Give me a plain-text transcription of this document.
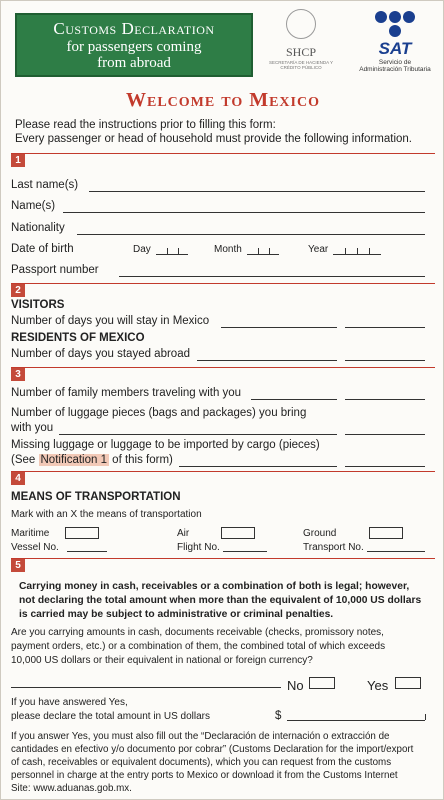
Customs Declaration
for passengers coming
from abroad
SHCP
SECRETARÍA DE HACIENDA Y CRÉDITO PÚBLICO
SAT
Servicio de
Administración Tributaria
Welcome to Mexico
Please read the instructions prior to filling this form:
Every passenger or head of household must provide the following information.
1
Last name(s)
Name(s)
Nationality
Date of birth	Day	Month	Year
Passport number
2
VISITORS
Number of days you will stay in Mexico
RESIDENTS OF MEXICO
Number of days you stayed abroad
3
Number of family members traveling with you
Number of luggage pieces (bags and packages) you bring
with you
Missing luggage or luggage to be imported by cargo (pieces)
(See Notification 1 of this form)
4
MEANS OF TRANSPORTATION
Mark with an X the means of transportation
Maritime	Air	Ground
Vessel No.	Flight No.	Transport No.
5
Carrying money in cash, receivables or a combination of both is legal; however,
not declaring the total amount when more than the equivalent of 10,000 US dollars
is carried may be subject to administrative or criminal penalties.
Are you carrying amounts in cash, documents receivable (checks, promissory notes,
payment orders, etc.) or a combination of them, the combined total of which exceeds
10,000 US dollars or their equivalent in national or foreign currency?
No	Yes
If you have answered Yes,
please declare the total amount in US dollars	$
If you answer Yes, you must also fill out the “Declaración de internación o extracción de
cantidades en efectivo y/o documento por cobrar” (Customs Declaration for the import/export
of cash, receivables or equivalent documents), which you can request from the customs
personnel in charge at the entry ports to Mexico or download it from the Customs Internet
Site: www.aduanas.gob.mx.
